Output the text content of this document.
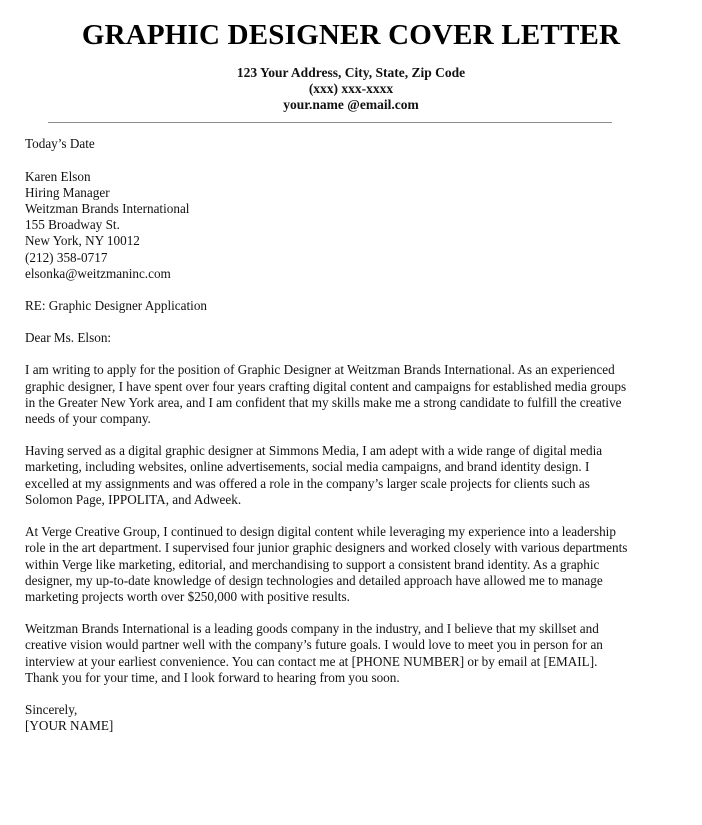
GRAPHIC DESIGNER COVER LETTER
123 Your Address, City, State, Zip Code
(xxx) xxx-xxxx
your.name @email.com
Today’s Date
Karen Elson
Hiring Manager
Weitzman Brands International
155 Broadway St.
New York, NY 10012
(212) 358-0717
elsonka@weitzmaninc.com

RE: Graphic Designer Application

Dear Ms. Elson:

I am writing to apply for the position of Graphic Designer at Weitzman Brands International. As an experienced graphic designer, I have spent over four years crafting digital content and campaigns for established media groups in the Greater New York area, and I am confident that my skills make me a strong candidate to fulfill the creative needs of your company.

Having served as a digital graphic designer at Simmons Media, I am adept with a wide range of digital media marketing, including websites, online advertisements, social media campaigns, and brand identity design. I excelled at my assignments and was offered a role in the company’s larger scale projects for clients such as Solomon Page, IPPOLITA, and Adweek.

At Verge Creative Group, I continued to design digital content while leveraging my experience into a leadership role in the art department. I supervised four junior graphic designers and worked closely with various departments within Verge like marketing, editorial, and merchandising to support a consistent brand identity. As a graphic designer, my up-to-date knowledge of design technologies and detailed approach have allowed me to manage marketing projects worth over $250,000 with positive results.

Weitzman Brands International is a leading goods company in the industry, and I believe that my skillset and creative vision would partner well with the company’s future goals. I would love to meet you in person for an interview at your earliest convenience. You can contact me at [PHONE NUMBER] or by email at [EMAIL]. Thank you for your time, and I look forward to hearing from you soon.

Sincerely,
[YOUR NAME]
